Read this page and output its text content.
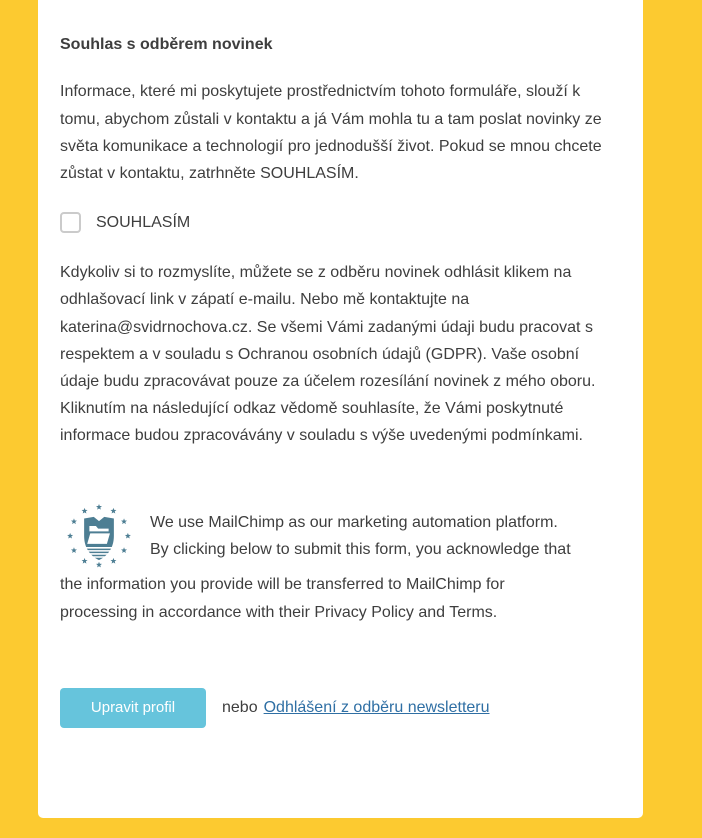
Souhlas s odběrem novinek

Informace, které mi poskytujete prostřednictvím tohoto formuláře, slouží k tomu, abychom zůstali v kontaktu a já Vám mohla tu a tam poslat novinky ze světa komunikace a technologií pro jednodušší život. Pokud se mnou chcete zůstat v kontaktu, zatrhněte SOUHLASÍM.

SOUHLASÍM

Kdykoliv si to rozmyslíte, můžete se z odběru novinek odhlásit klikem na odhlašovací link v zápatí e-mailu. Nebo mě kontaktujte na katerina@svidrnochova.cz. Se všemi Vámi zadanými údaji budu pracovat s respektem a v souladu s Ochranou osobních údajů (GDPR). Vaše osobní údaje budu zpracovávat pouze za účelem rozesílání novinek z mého oboru. Kliknutím na následující odkaz vědomě souhlasíte, že Vámi poskytnuté informace budou zpracovávány v souladu s výše uvedenými podmínkami.

We use MailChimp as our marketing automation platform.
By clicking below to submit this form, you acknowledge that
the information you provide will be transferred to MailChimp for
processing in accordance with their Privacy Policy and Terms.
Upravit profil	nebo Odhlášení z odběru newsletteru
